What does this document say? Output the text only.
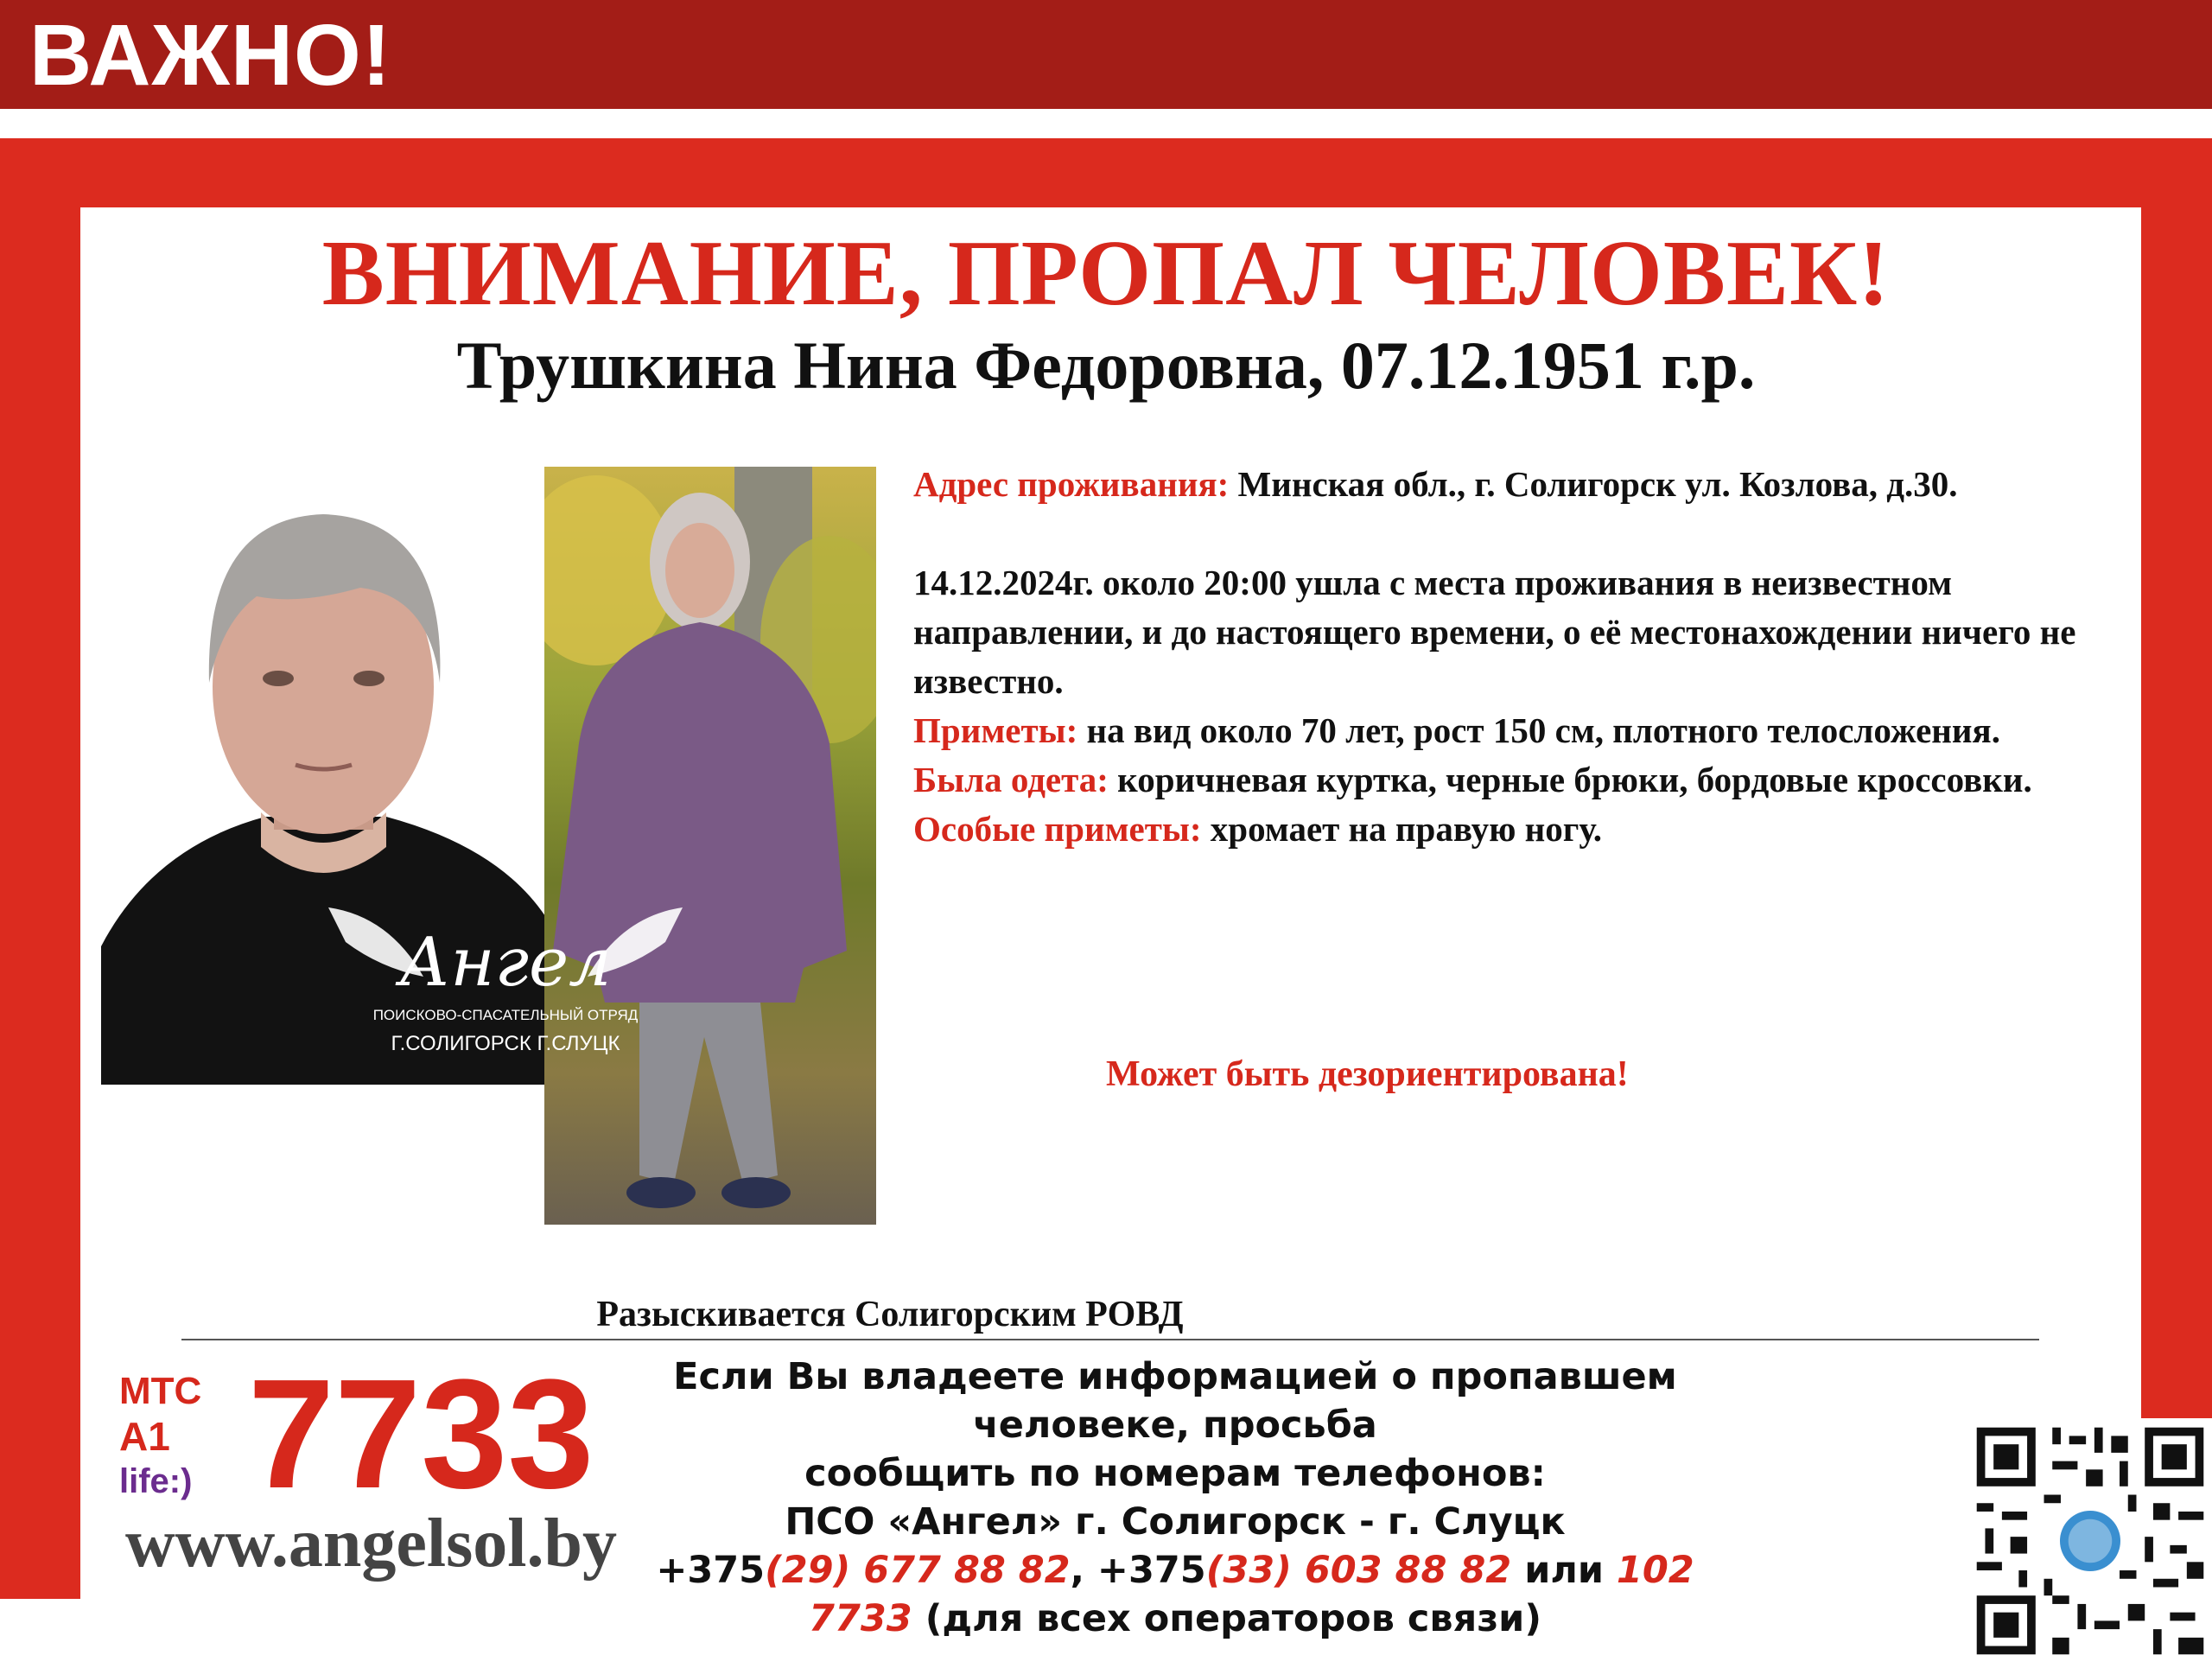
ВАЖНО!
ВНИМАНИЕ, ПРОПАЛ ЧЕЛОВЕК!
Трушкина Нина Федоровна, 07.12.1951 г.р.
Ангел
ПОИСКОВО-СПАСАТЕЛЬНЫЙ ОТРЯД
Г.СОЛИГОРСК Г.СЛУЦК

Адрес проживания: Минская обл., г. Солигорск ул. Козлова, д.30.

14.12.2024г. около 20:00 ушла с места проживания в неизвестном направлении, и до настоящего времени, о её местонахождении ничего не известно.

Приметы: на вид около 70 лет, рост 150 см, плотного телосложения.

Была одета: коричневая куртка, черные брюки, бордовые кроссовки.

Особые приметы: хромает на правую ногу.

Может быть дезориентирована!
Разыскивается Солигорским РОВД
МТС
A1
life:) 7733
www.angelsol.by

Если Вы владеете информацией о пропавшем человеке, просьба

сообщить по номерам телефонов:

ПСО «Ангел» г. Солигорск - г. Слуцк

+375(29) 677 88 82, +375(33) 603 88 82 или 102

7733 (для всех операторов связи)
